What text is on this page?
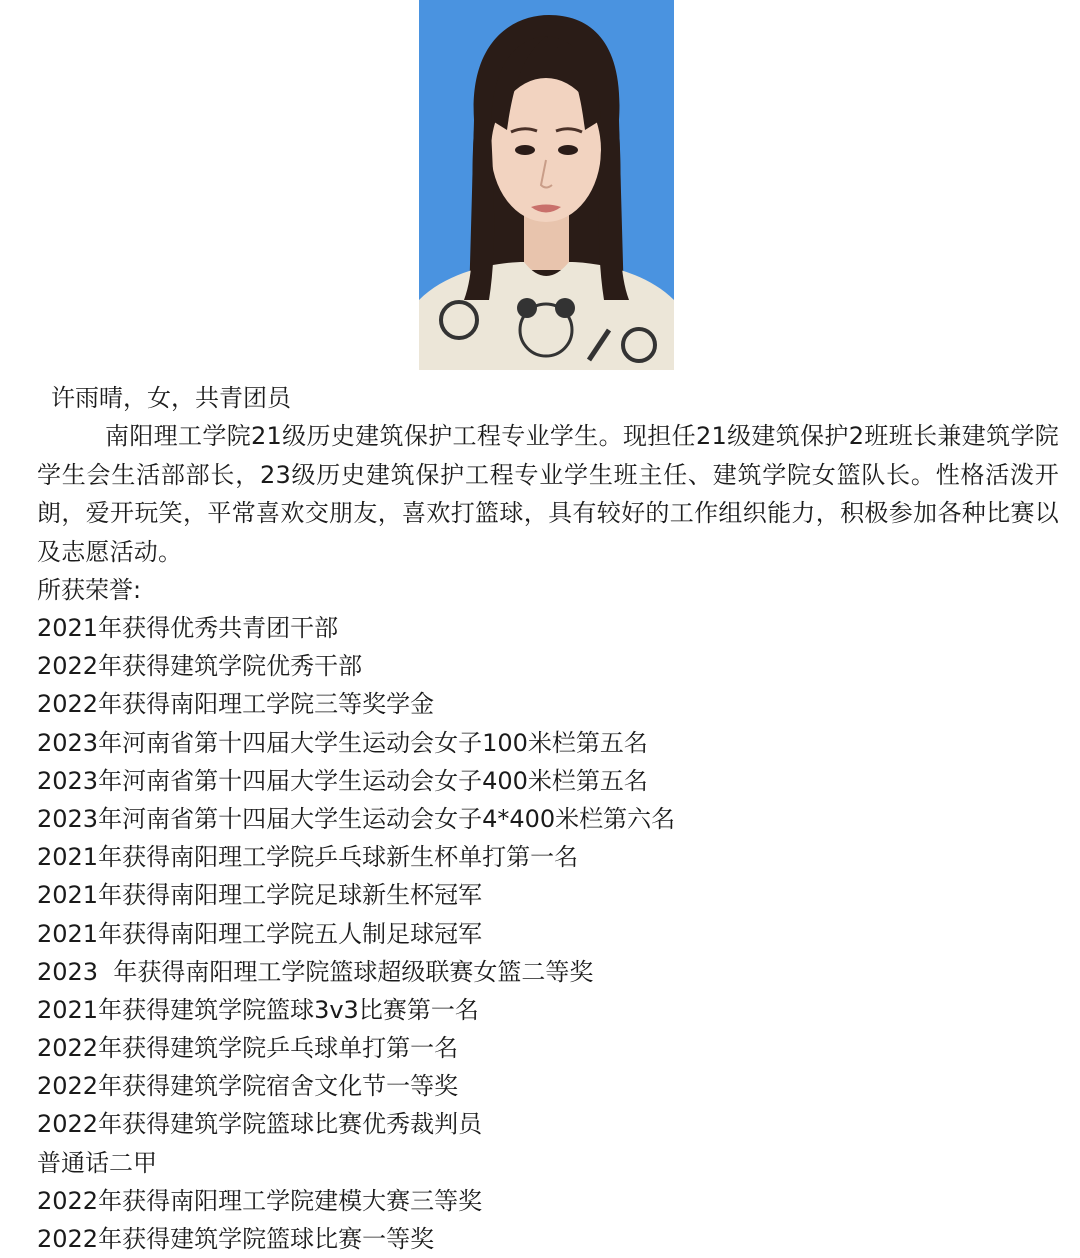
许雨晴，女，共青团员
南阳理工学院21级历史建筑保护工程专业学生。现担任21级建筑保护2班班长兼建筑学院学生会生活部部长，23级历史建筑保护工程专业学生班主任、建筑学院女篮队长。性格活泼开朗，爱开玩笑，平常喜欢交朋友，喜欢打篮球，具有较好的工作组织能力，积极参加各种比赛以及志愿活动。
所获荣誉:
2021年获得优秀共青团干部
2022年获得建筑学院优秀干部
2022年获得南阳理工学院三等奖学金
2023年河南省第十四届大学生运动会女子100米栏第五名
2023年河南省第十四届大学生运动会女子400米栏第五名
2023年河南省第十四届大学生运动会女子4*400米栏第六名
2021年获得南阳理工学院乒乓球新生杯单打第一名
2021年获得南阳理工学院足球新生杯冠军
2021年获得南阳理工学院五人制足球冠军
2023  年获得南阳理工学院篮球超级联赛女篮二等奖
2021年获得建筑学院篮球3v3比赛第一名
2022年获得建筑学院乒乓球单打第一名
2022年获得建筑学院宿舍文化节一等奖
2022年获得建筑学院篮球比赛优秀裁判员
普通话二甲
2022年获得南阳理工学院建模大赛三等奖
2022年获得建筑学院篮球比赛一等奖
